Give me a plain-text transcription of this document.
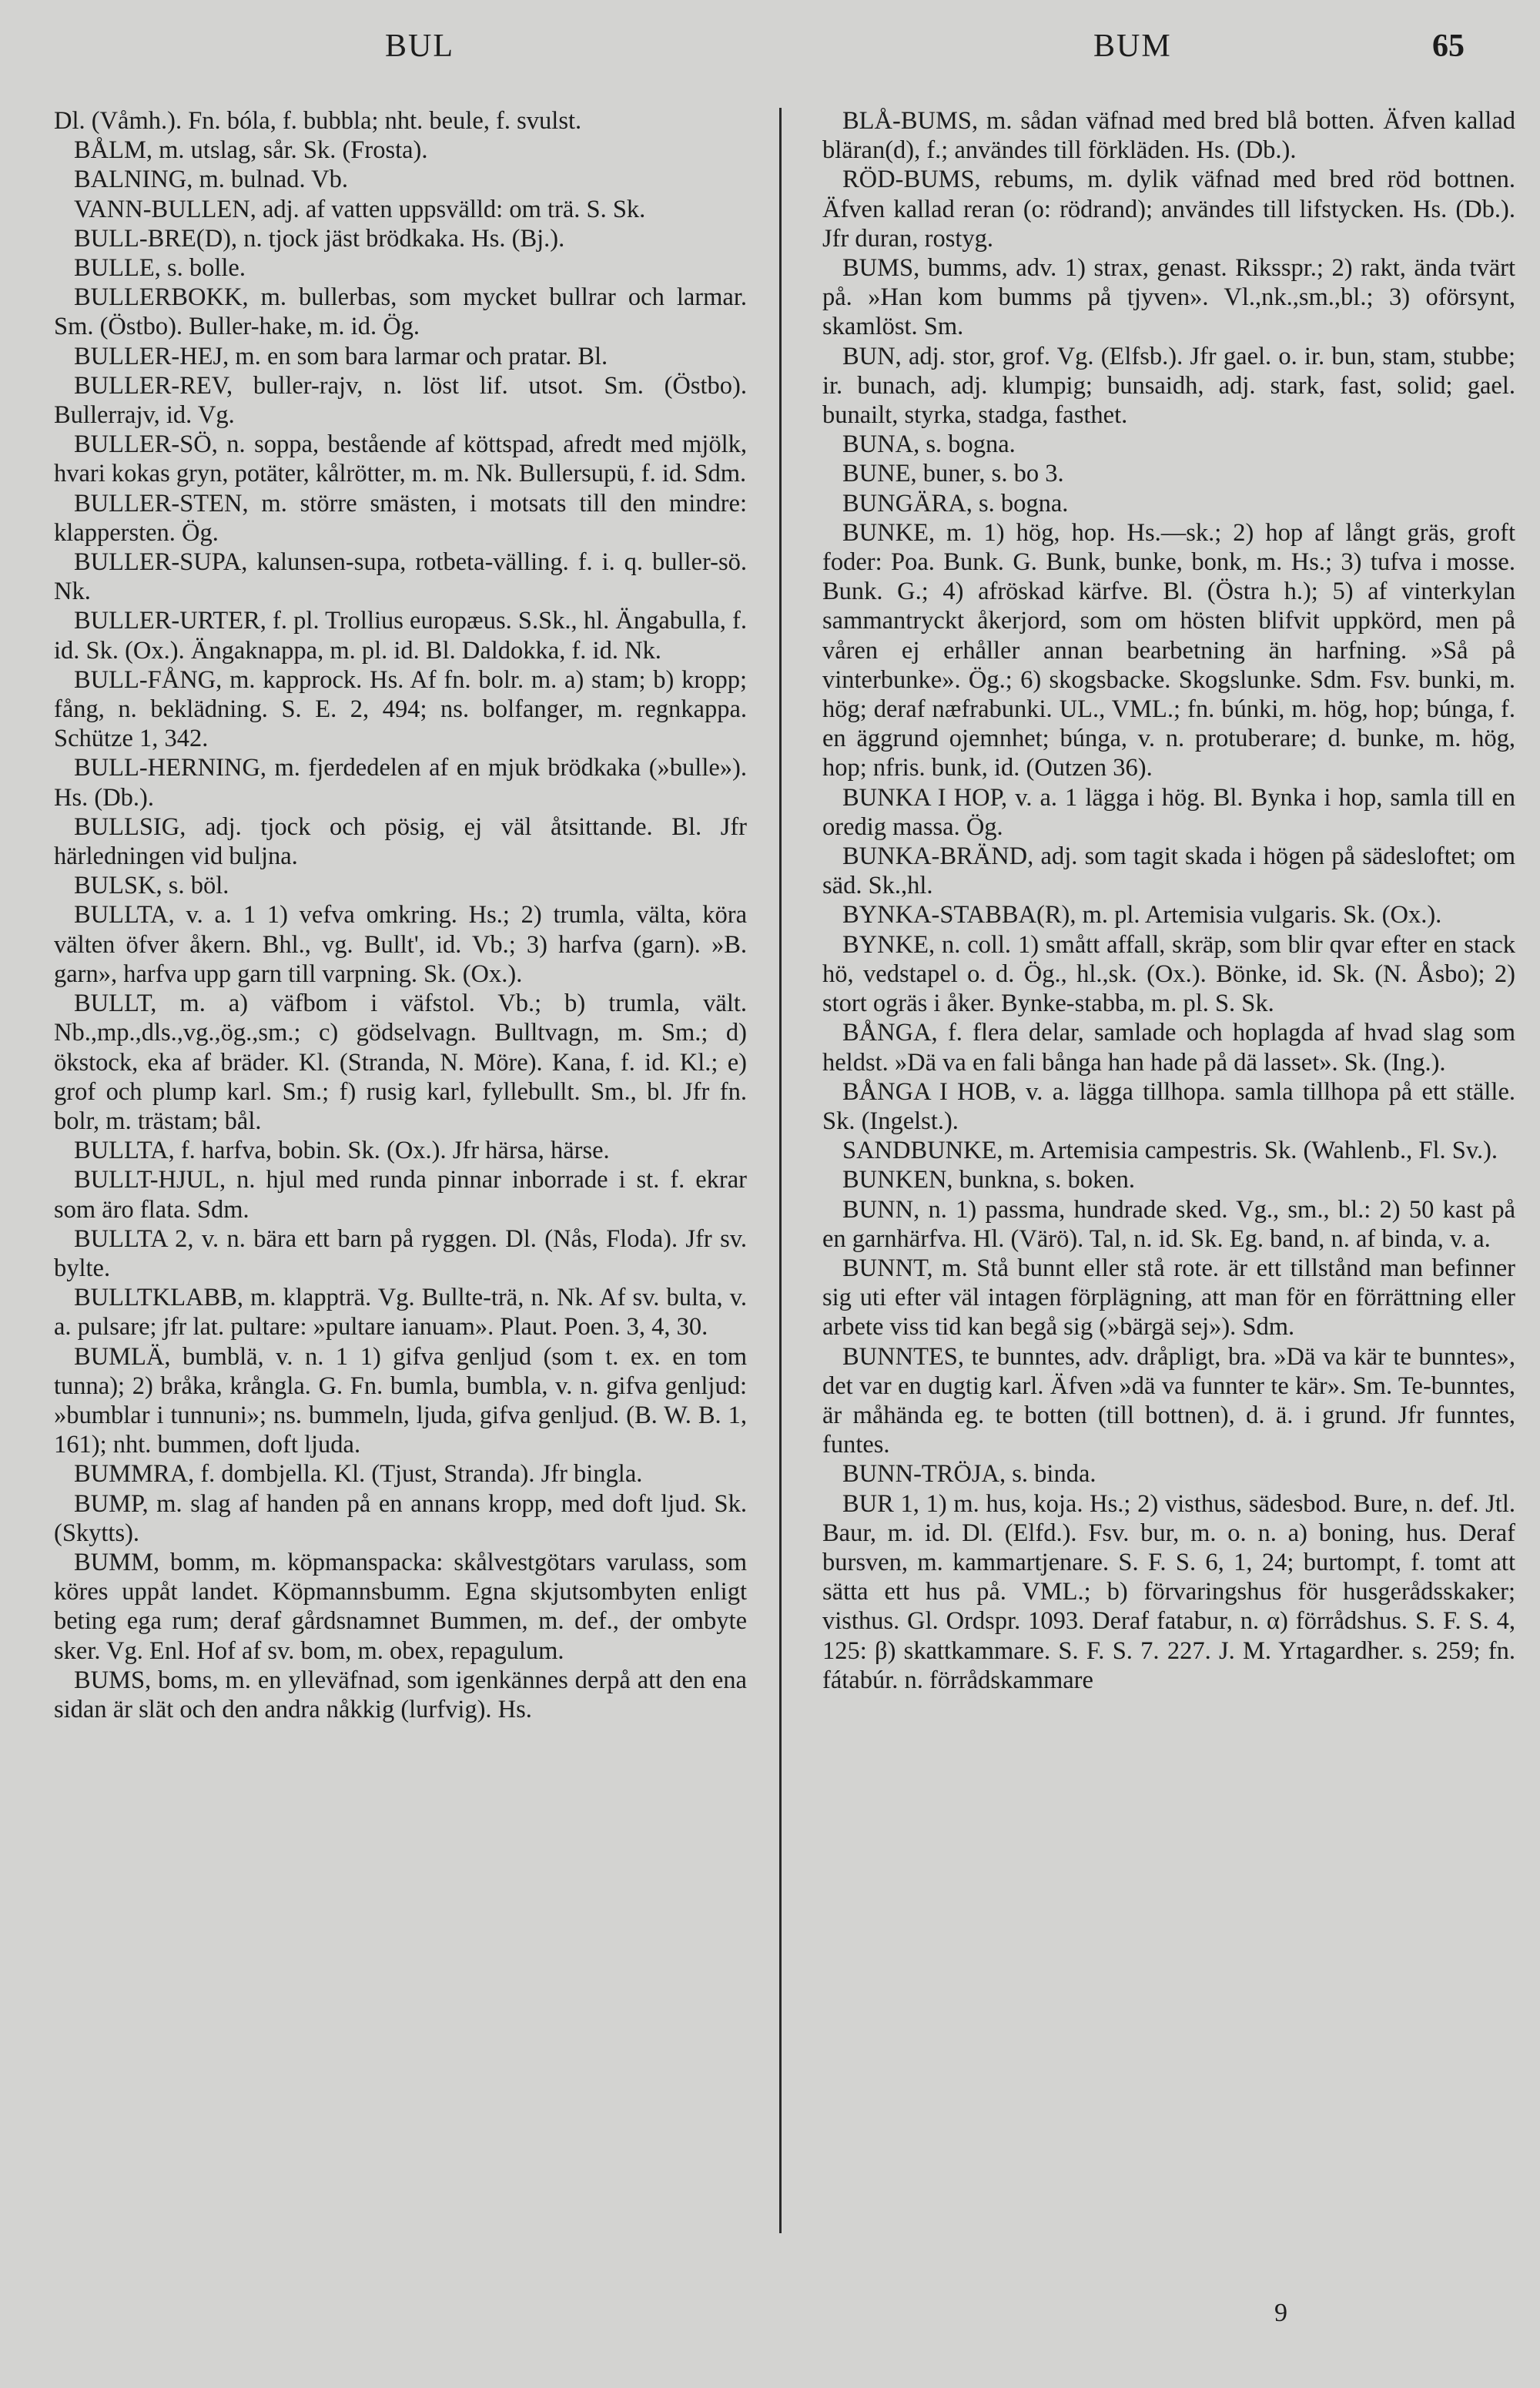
BUL	BUM	65

Dl. (Våmh.). Fn. bóla, f. bubbla; nht. beule, f. svulst.

BÅLM, m. utslag, sår. Sk. (Frosta).

BALNING, m. bulnad. Vb.

VANN-BULLEN, adj. af vatten uppsvälld: om trä. S. Sk.

BULL-BRE(D), n. tjock jäst brödkaka. Hs. (Bj.).

BULLE, s. bolle.

BULLERBOKK, m. bullerbas, som mycket bullrar och larmar. Sm. (Östbo). Buller-hake, m. id. Ög.

BULLER-HEJ, m. en som bara larmar och pratar. Bl.

BULLER-REV, buller-rajv, n. löst lif. utsot. Sm. (Östbo). Bullerrajv, id. Vg.

BULLER-SÖ, n. soppa, bestående af köttspad, afredt med mjölk, hvari kokas gryn, potäter, kålrötter, m. m. Nk. Bullersupü, f. id. Sdm.

BULLER-STEN, m. större smästen, i motsats till den mindre: klappersten. Ög.

BULLER-SUPA, kalunsen-supa, rotbeta-välling. f. i. q. buller-sö. Nk.

BULLER-URTER, f. pl. Trollius europæus. S.Sk., hl. Ängabulla, f. id. Sk. (Ox.). Ängaknappa, m. pl. id. Bl. Daldokka, f. id. Nk.

BULL-FÅNG, m. kapprock. Hs. Af fn. bolr. m. a) stam; b) kropp; fång, n. beklädning. S. E. 2, 494; ns. bolfanger, m. regnkappa. Schütze 1, 342.

BULL-HERNING, m. fjerdedelen af en mjuk brödkaka (»bulle»). Hs. (Db.).

BULLSIG, adj. tjock och pösig, ej väl åtsittande. Bl. Jfr härledningen vid buljna.

BULSK, s. böl.

BULLTA, v. a. 1 1) vefva omkring. Hs.; 2) trumla, välta, köra välten öfver åkern. Bhl., vg. Bullt', id. Vb.; 3) harfva (garn). »B. garn», harfva upp garn till varpning. Sk. (Ox.).

BULLT, m. a) väfbom i väfstol. Vb.; b) trumla, vält. Nb.,mp.,dls.,vg.,ög.,sm.; c) gödselvagn. Bulltvagn, m. Sm.; d) ökstock, eka af bräder. Kl. (Stranda, N. Möre). Kana, f. id. Kl.; e) grof och plump karl. Sm.; f) rusig karl, fyllebullt. Sm., bl. Jfr fn. bolr, m. trästam; bål.

BULLTA, f. harfva, bobin. Sk. (Ox.). Jfr härsa, härse.

BULLT-HJUL, n. hjul med runda pinnar inborrade i st. f. ekrar som äro flata. Sdm.

BULLTA 2, v. n. bära ett barn på ryggen. Dl. (Nås, Floda). Jfr sv. bylte.

BULLTKLABB, m. klappträ. Vg. Bullte-trä, n. Nk. Af sv. bulta, v. a. pulsare; jfr lat. pultare: »pultare ianuam». Plaut. Poen. 3, 4, 30.

BUMLÄ, bumblä, v. n. 1 1) gifva genljud (som t. ex. en tom tunna); 2) bråka, krångla. G. Fn. bumla, bumbla, v. n. gifva genljud: »bumblar i tunnuni»; ns. bummeln, ljuda, gifva genljud. (B. W. B. 1, 161); nht. bummen, doft ljuda.

BUMMRA, f. dombjella. Kl. (Tjust, Stranda). Jfr bingla.

BUMP, m. slag af handen på en annans kropp, med doft ljud. Sk. (Skytts).

BUMM, bomm, m. köpmanspacka: skålvestgötars varulass, som köres uppåt landet. Köpmannsbumm. Egna skjutsombyten enligt beting ega rum; deraf gårdsnamnet Bummen, m. def., der ombyte sker. Vg. Enl. Hof af sv. bom, m. obex, repagulum.

BUMS, boms, m. en ylleväfnad, som igenkännes derpå att den ena sidan är slät och den andra nåkkig (lurfvig). Hs.

BLÅ-BUMS, m. sådan väfnad med bred blå botten. Äfven kallad bläran(d), f.; användes till förkläden. Hs. (Db.).

RÖD-BUMS, rebums, m. dylik väfnad med bred röd bottnen. Äfven kallad reran (o: rödrand); användes till lifstycken. Hs. (Db.). Jfr duran, rostyg.

BUMS, bumms, adv. 1) strax, genast. Riksspr.; 2) rakt, ända tvärt på. »Han kom bumms på tjyven». Vl.,nk.,sm.,bl.; 3) oförsynt, skamlöst. Sm.

BUN, adj. stor, grof. Vg. (Elfsb.). Jfr gael. o. ir. bun, stam, stubbe; ir. bunach, adj. klumpig; bunsaidh, adj. stark, fast, solid; gael. bunailt, styrka, stadga, fasthet.

BUNA, s. bogna.

BUNE, buner, s. bo 3.

BUNGÄRA, s. bogna.

BUNKE, m. 1) hög, hop. Hs.—sk.; 2) hop af långt gräs, groft foder: Poa. Bunk. G. Bunk, bunke, bonk, m. Hs.; 3) tufva i mosse. Bunk. G.; 4) afröskad kärfve. Bl. (Östra h.); 5) af vinterkylan sammantryckt åkerjord, som om hösten blifvit uppkörd, men på våren ej erhåller annan bearbetning än harfning. »Så på vinterbunke». Ög.; 6) skogsbacke. Skogslunke. Sdm. Fsv. bunki, m. hög; deraf næfrabunki. UL., VML.; fn. búnki, m. hög, hop; búnga, f. en äggrund ojemnhet; búnga, v. n. protuberare; d. bunke, m. hög, hop; nfris. bunk, id. (Outzen 36).

BUNKA I HOP, v. a. 1 lägga i hög. Bl. Bynka i hop, samla till en oredig massa. Ög.

BUNKA-BRÄND, adj. som tagit skada i högen på sädesloftet; om säd. Sk.,hl.

BYNKA-STABBA(R), m. pl. Artemisia vulgaris. Sk. (Ox.).

BYNKE, n. coll. 1) smått affall, skräp, som blir qvar efter en stack hö, vedstapel o. d. Ög., hl.,sk. (Ox.). Bönke, id. Sk. (N. Åsbo); 2) stort ogräs i åker. Bynke-stabba, m. pl. S. Sk.

BÅNGA, f. flera delar, samlade och hoplagda af hvad slag som heldst. »Dä va en fali bånga han hade på dä lasset». Sk. (Ing.).

BÅNGA I HOB, v. a. lägga tillhopa. samla tillhopa på ett ställe. Sk. (Ingelst.).

SANDBUNKE, m. Artemisia campestris. Sk. (Wahlenb., Fl. Sv.).

BUNKEN, bunkna, s. boken.

BUNN, n. 1) passma, hundrade sked. Vg., sm., bl.: 2) 50 kast på en garnhärfva. Hl. (Värö). Tal, n. id. Sk. Eg. band, n. af binda, v. a.

BUNNT, m. Stå bunnt eller stå rote. är ett tillstånd man befinner sig uti efter väl intagen förplägning, att man för en förrättning eller arbete viss tid kan begå sig (»bärgä sej»). Sdm.

BUNNTES, te bunntes, adv. dråpligt, bra. »Dä va kär te bunntes», det var en dugtig karl. Äfven »dä va funnter te kär». Sm. Te-bunntes, är måhända eg. te botten (till bottnen), d. ä. i grund. Jfr funntes, funtes.

BUNN-TRÖJA, s. binda.

BUR 1, 1) m. hus, koja. Hs.; 2) visthus, sädesbod. Bure, n. def. Jtl. Baur, m. id. Dl. (Elfd.). Fsv. bur, m. o. n. a) boning, hus. Deraf bursven, m. kammartjenare. S. F. S. 6, 1, 24; burtompt, f. tomt att sätta ett hus på. VML.; b) förvaringshus för husgerådsskaker; visthus. Gl. Ordspr. 1093. Deraf fatabur, n. α) förrådshus. S. F. S. 4, 125: β) skattkammare. S. F. S. 7. 227. J. M. Yrtagardher. s. 259; fn. fátabúr. n. förrådskammare

9
